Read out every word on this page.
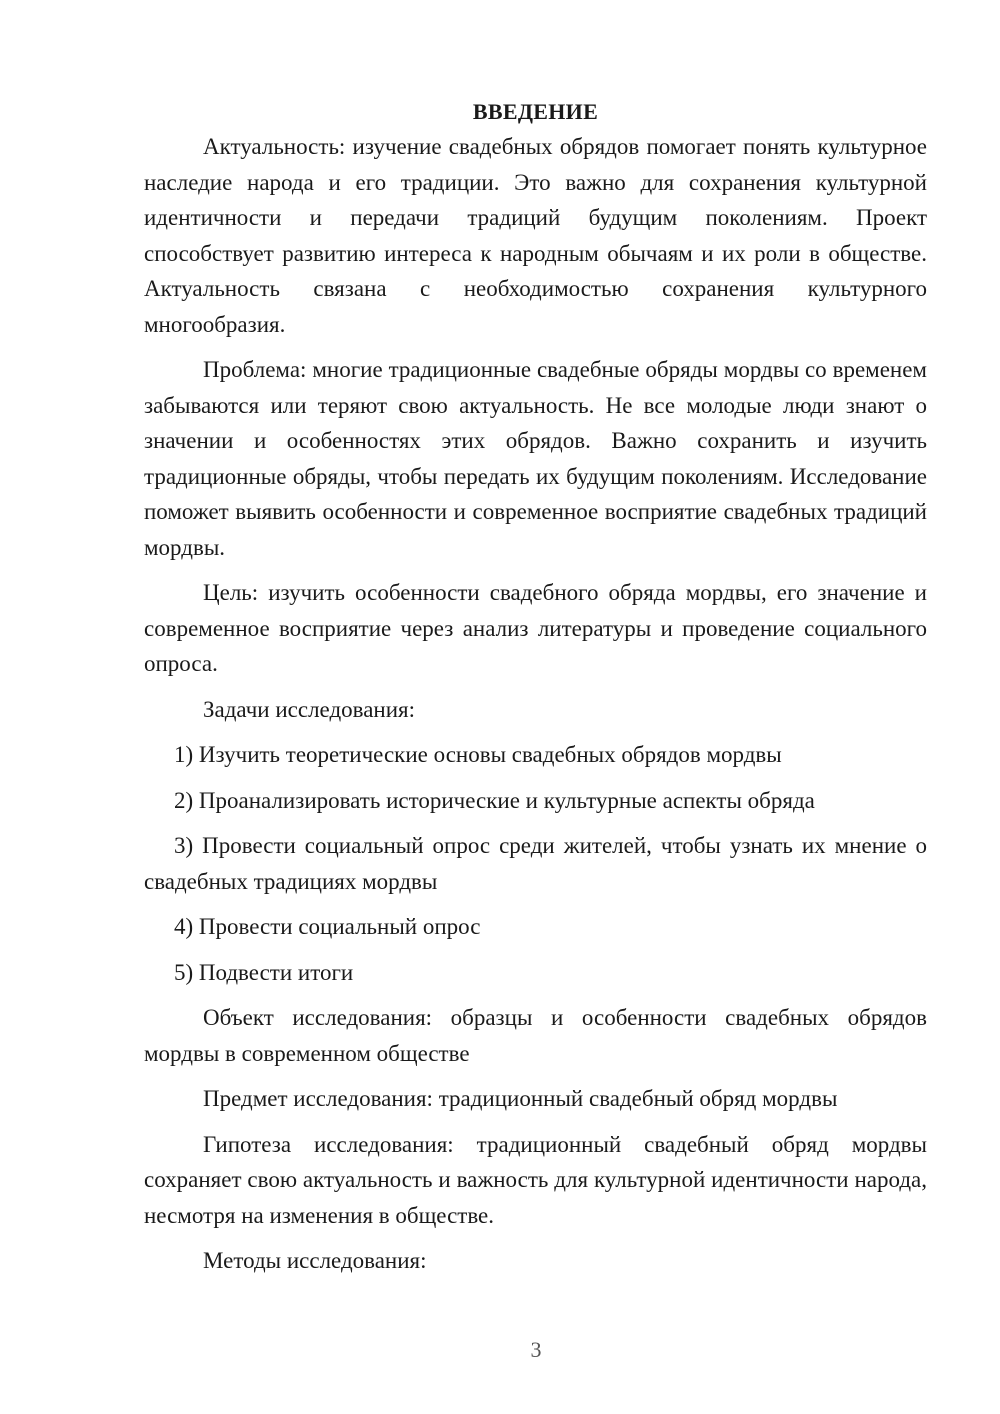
ВВЕДЕНИЕ

Актуальность: изучение свадебных обрядов помогает понять культурное наследие народа и его традиции. Это важно для сохранения культурной идентичности и передачи традиций будущим поколениям. Проект способствует развитию интереса к народным обычаям и их роли в обществе. Актуальность связана с необходимостью сохранения культурного многообразия.

Проблема: многие традиционные свадебные обряды мордвы со временем забываются или теряют свою актуальность. Не все молодые люди знают о значении и особенностях этих обрядов. Важно сохранить и изучить традиционные обряды, чтобы передать их будущим поколениям. Исследование поможет выявить особенности и современное восприятие свадебных традиций мордвы.

Цель: изучить особенности свадебного обряда мордвы, его значение и современное восприятие через анализ литературы и проведение социального опроса.

Задачи исследования:

1) Изучить теоретические основы свадебных обрядов мордвы

2) Проанализировать исторические и культурные аспекты обряда

3) Провести социальный опрос среди жителей, чтобы узнать их мнение о свадебных традициях мордвы

4) Провести социальный опрос

5) Подвести итоги

Объект исследования: образцы и особенности свадебных обрядов мордвы в современном обществе

Предмет исследования: традиционный свадебный обряд мордвы

Гипотеза исследования: традиционный свадебный обряд мордвы сохраняет свою актуальность и важность для культурной идентичности народа, несмотря на изменения в обществе.

Методы исследования:

3
